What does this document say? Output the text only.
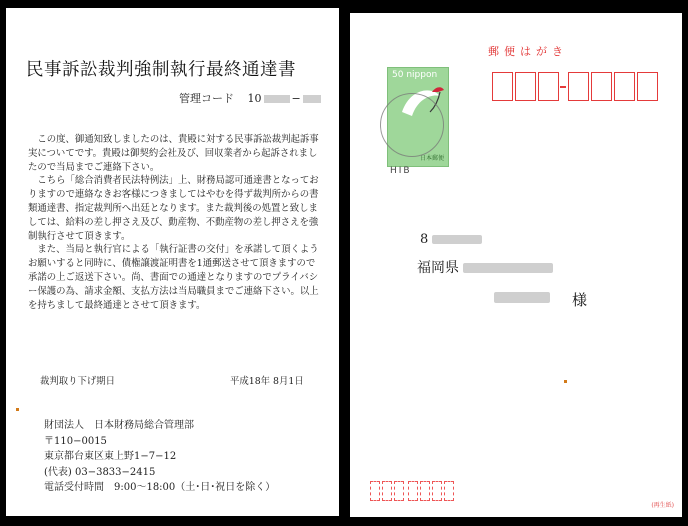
民事訴訟裁判強制執行最終通達書
管理コード 10	−

この度、御通知致しましたのは、貴殿に対する民事訴訟裁判起訴事実についてです。貴殿は御契約会社及び、回収業者から起訴されましたので当局までご連絡下さい。

こちら「総合消費者民法特例法」上、財務局認可通達書となっておりますので連絡なきお客様につきましてはやむを得ず裁判所からの書類通達書、指定裁判所へ出廷となります。また裁判後の処置と致しましては、給料の差し押さえ及び、動産物、不動産物の差し押さえを強制執行させて頂きます。

また、当局と執行官による「執行証書の交付」を承諾して頂くようお願いすると同時に、債権譲渡証明書を1通郵送させて頂きますので承諾の上ご返送下さい。尚、書面での通達となりますのでプライバシー保護の為、請求金額、支払方法は当局職員までご連絡下さい。以上を持ちまして最終通達とさせて頂きます。

裁判取り下げ期日	平成18年 8月1日
財団法人　日本財務局総合管理部
〒110−0015
東京都台東区東上野1−7−12
(代表) 03−3833−2415
電話受付時間　9:00〜18:00（土･日･祝日を除く）
郵便はがき
50 nippon
日本郵便
HIB
8
福岡県
様
(再生紙)
